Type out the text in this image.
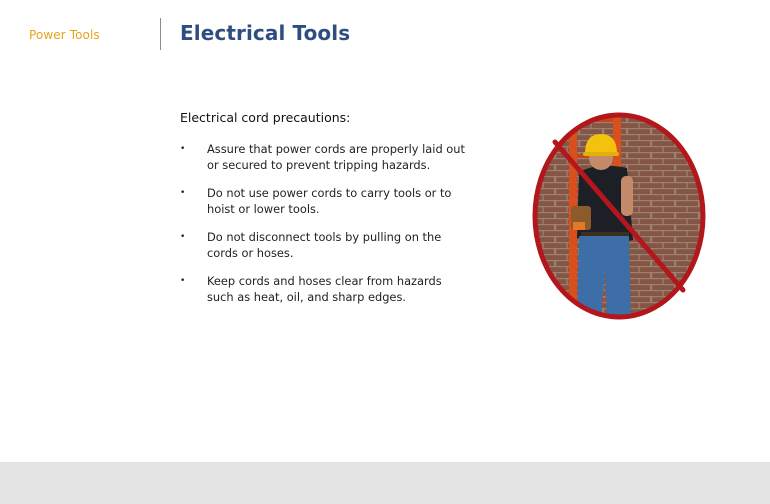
Power Tools	Electrical Tools

Electrical cord precautions:

• Assure that power cords are properly laid out or secured to prevent tripping hazards.
• Do not use power cords to carry tools or to hoist or lower tools.
• Do not disconnect tools by pulling on the cords or hoses.
• Keep cords and hoses clear from hazards such as heat, oil, and sharp edges.
